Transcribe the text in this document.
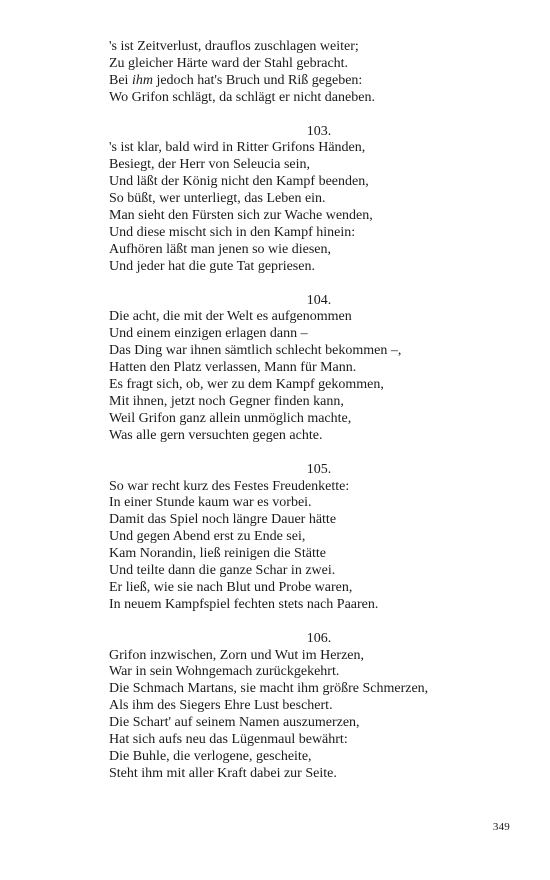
's ist Zeitverlust, drauflos zuschlagen weiter;
Zu gleicher Härte ward der Stahl gebracht.
Bei ihm jedoch hat's Bruch und Riß gegeben:
Wo Grifon schlägt, da schlägt er nicht daneben.
103.
's ist klar, bald wird in Ritter Grifons Händen,
Besiegt, der Herr von Seleucia sein,
Und läßt der König nicht den Kampf beenden,
So büßt, wer unterliegt, das Leben ein.
Man sieht den Fürsten sich zur Wache wenden,
Und diese mischt sich in den Kampf hinein:
Aufhören läßt man jenen so wie diesen,
Und jeder hat die gute Tat gepriesen.
104.
Die acht, die mit der Welt es aufgenommen
Und einem einzigen erlagen dann –
Das Ding war ihnen sämtlich schlecht bekommen –,
Hatten den Platz verlassen, Mann für Mann.
Es fragt sich, ob, wer zu dem Kampf gekommen,
Mit ihnen, jetzt noch Gegner finden kann,
Weil Grifon ganz allein unmöglich machte,
Was alle gern versuchten gegen achte.
105.
So war recht kurz des Festes Freudenkette:
In einer Stunde kaum war es vorbei.
Damit das Spiel noch längre Dauer hätte
Und gegen Abend erst zu Ende sei,
Kam Norandin, ließ reinigen die Stätte
Und teilte dann die ganze Schar in zwei.
Er ließ, wie sie nach Blut und Probe waren,
In neuem Kampfspiel fechten stets nach Paaren.
106.
Grifon inzwischen, Zorn und Wut im Herzen,
War in sein Wohngemach zurückgekehrt.
Die Schmach Martans, sie macht ihm größre Schmerzen,
Als ihm des Siegers Ehre Lust beschert.
Die Schart' auf seinem Namen auszumerzen,
Hat sich aufs neu das Lügenmaul bewährt:
Die Buhle, die verlogene, gescheite,
Steht ihm mit aller Kraft dabei zur Seite.
349
